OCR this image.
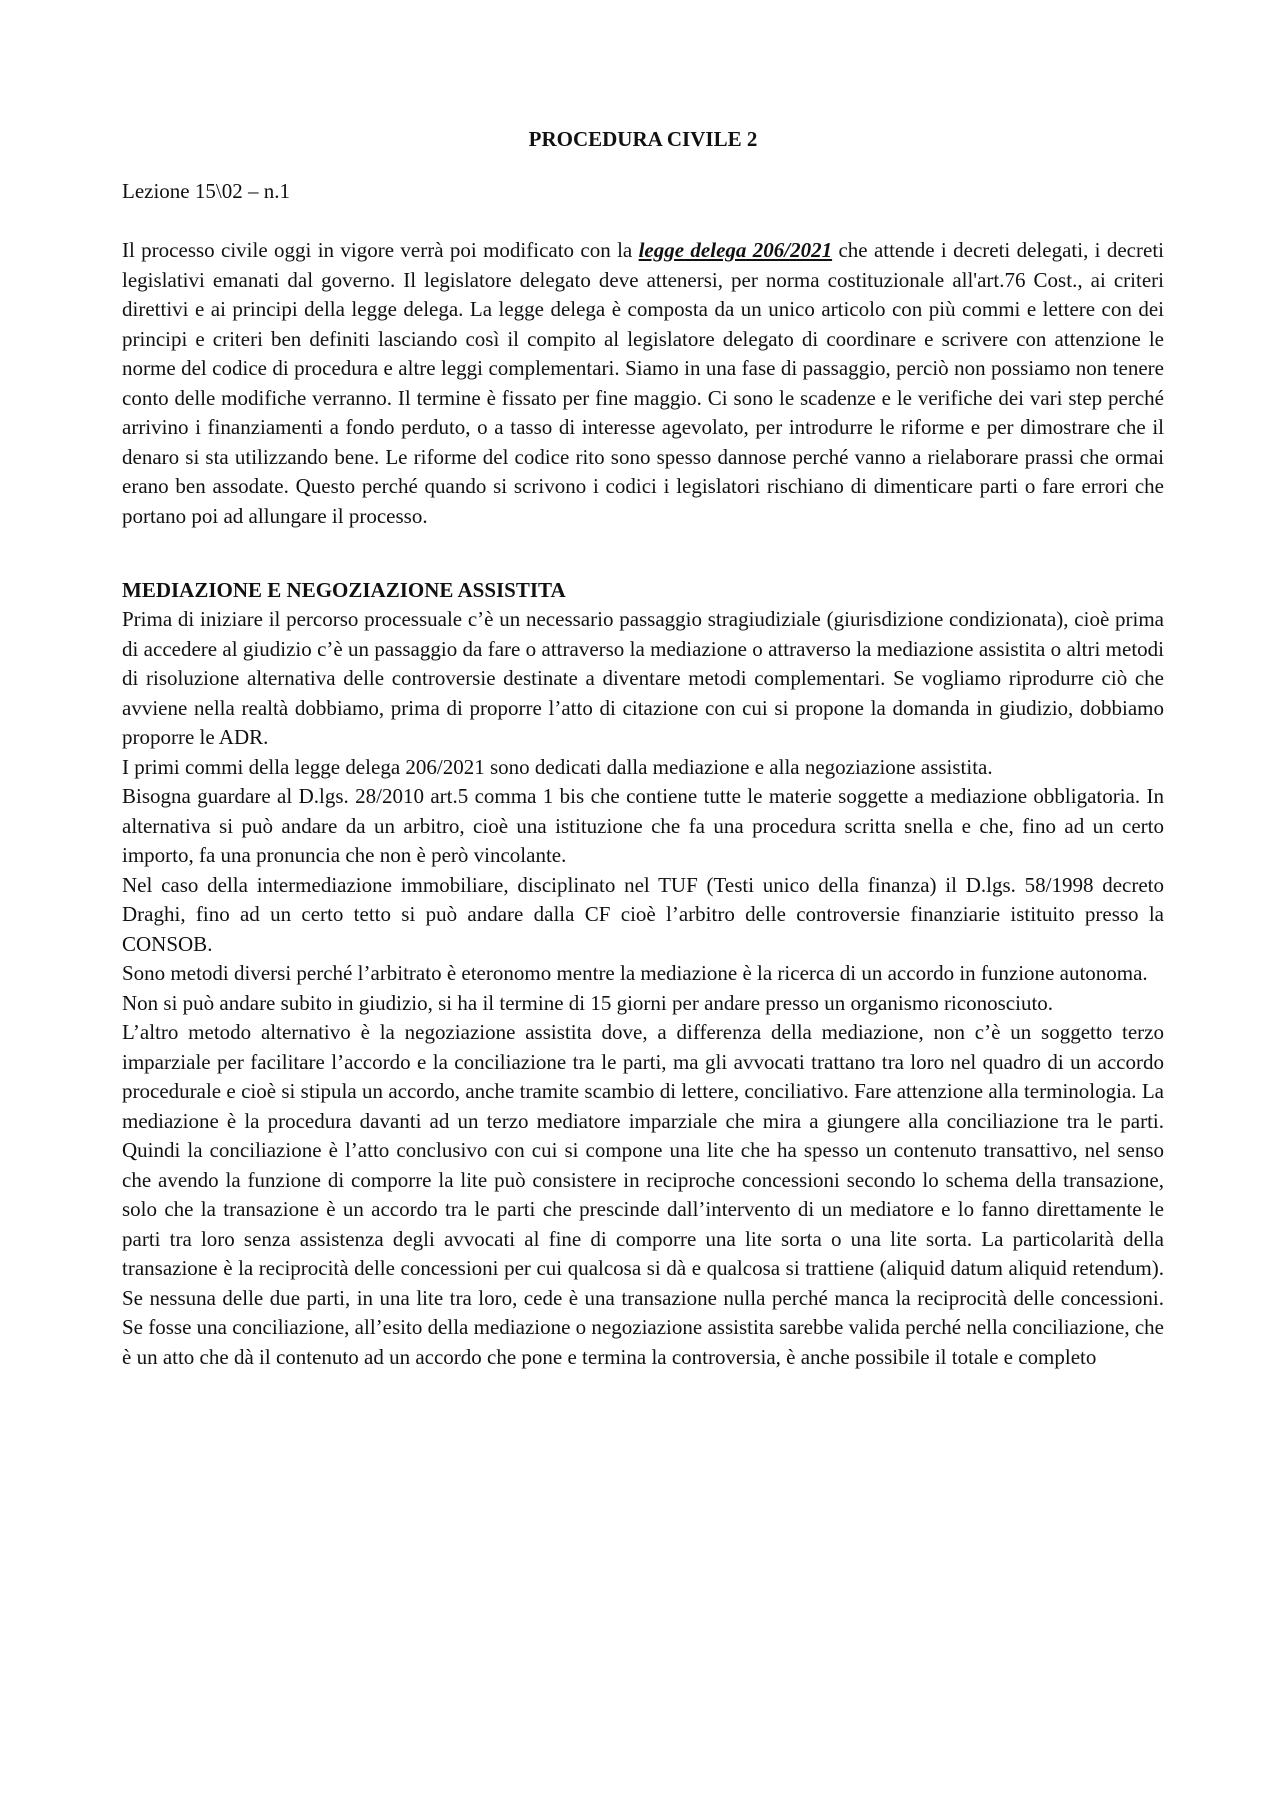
PROCEDURA CIVILE 2
Lezione 15\02 – n.1

Il processo civile oggi in vigore verrà poi modificato con la legge delega 206/2021 che attende i decreti delegati, i decreti legislativi emanati dal governo. Il legislatore delegato deve attenersi, per norma costituzionale all'art.76 Cost., ai criteri direttivi e ai principi della legge delega. La legge delega è composta da un unico articolo con più commi e lettere con dei principi e criteri ben definiti lasciando così il compito al legislatore delegato di coordinare e scrivere con attenzione le norme del codice di procedura e altre leggi complementari. Siamo in una fase di passaggio, perciò non possiamo non tenere conto delle modifiche verranno. Il termine è fissato per fine maggio. Ci sono le scadenze e le verifiche dei vari step perché arrivino i finanziamenti a fondo perduto, o a tasso di interesse agevolato, per introdurre le riforme e per dimostrare che il denaro si sta utilizzando bene. Le riforme del codice rito sono spesso dannose perché vanno a rielaborare prassi che ormai erano ben assodate. Questo perché quando si scrivono i codici i legislatori rischiano di dimenticare parti o fare errori che portano poi ad allungare il processo.

MEDIAZIONE E NEGOZIAZIONE ASSISTITA

Prima di iniziare il percorso processuale c’è un necessario passaggio stragiudiziale (giurisdizione condizionata), cioè prima di accedere al giudizio c’è un passaggio da fare o attraverso la mediazione o attraverso la mediazione assistita o altri metodi di risoluzione alternativa delle controversie destinate a diventare metodi complementari. Se vogliamo riprodurre ciò che avviene nella realtà dobbiamo, prima di proporre l’atto di citazione con cui si propone la domanda in giudizio, dobbiamo proporre le ADR.

I primi commi della legge delega 206/2021 sono dedicati dalla mediazione e alla negoziazione assistita.

Bisogna guardare al D.lgs. 28/2010 art.5 comma 1 bis che contiene tutte le materie soggette a mediazione obbligatoria. In alternativa si può andare da un arbitro, cioè una istituzione che fa una procedura scritta snella e che, fino ad un certo importo, fa una pronuncia che non è però vincolante.

Nel caso della intermediazione immobiliare, disciplinato nel TUF (Testi unico della finanza) il D.lgs. 58/1998 decreto Draghi, fino ad un certo tetto si può andare dalla CF cioè l’arbitro delle controversie finanziarie istituito presso la CONSOB.

Sono metodi diversi perché l’arbitrato è eteronomo mentre la mediazione è la ricerca di un accordo in funzione autonoma.

Non si può andare subito in giudizio, si ha il termine di 15 giorni per andare presso un organismo riconosciuto.

L’altro metodo alternativo è la negoziazione assistita dove, a differenza della mediazione, non c’è un soggetto terzo imparziale per facilitare l’accordo e la conciliazione tra le parti, ma gli avvocati trattano tra loro nel quadro di un accordo procedurale e cioè si stipula un accordo, anche tramite scambio di lettere, conciliativo. Fare attenzione alla terminologia. La mediazione è la procedura davanti ad un terzo mediatore imparziale che mira a giungere alla conciliazione tra le parti. Quindi la conciliazione è l’atto conclusivo con cui si compone una lite che ha spesso un contenuto transattivo, nel senso che avendo la funzione di comporre la lite può consistere in reciproche concessioni secondo lo schema della transazione, solo che la transazione è un accordo tra le parti che prescinde dall’intervento di un mediatore e lo fanno direttamente le parti tra loro senza assistenza degli avvocati al fine di comporre una lite sorta o una lite sorta. La particolarità della transazione è la reciprocità delle concessioni per cui qualcosa si dà e qualcosa si trattiene (aliquid datum aliquid retendum). Se nessuna delle due parti, in una lite tra loro, cede è una transazione nulla perché manca la reciprocità delle concessioni. Se fosse una conciliazione, all’esito della mediazione o negoziazione assistita sarebbe valida perché nella conciliazione, che è un atto che dà il contenuto ad un accordo che pone e termina la controversia, è anche possibile il totale e completo
